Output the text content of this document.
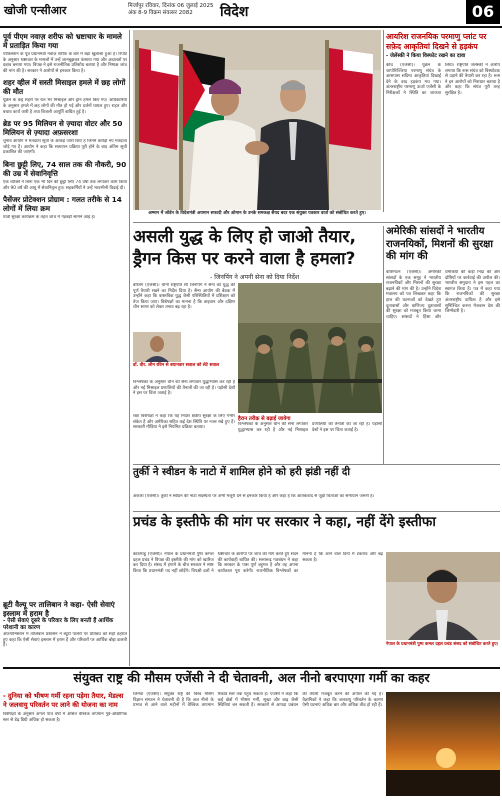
खोजी एन्सीआर	मिर्जापुर रविवार, दिनांक 06 जुलाई 2025
अंक 8-9 विक्रम संवत्सर 2082	विदेश	06
पूर्व पीएम नवाज़ शरीफ को भ्रष्टाचार के मामले में प्रताड़ित किया गया
पाकिस्तान के पूर्व प्रधानमंत्री नवाज़ शरीफ के बारे में बड़ा खुलासा हुआ है। रिपोर्ट के अनुसार भ्रष्टाचार के मामलों में उन्हें जानबूझकर फंसाया गया और अदालतों पर दबाव बनाया गया। विपक्ष ने इसे राजनीतिक प्रतिशोध बताया है और निष्पक्ष जांच की मांग की है। सरकार ने आरोपों से इनकार किया है।
शहर व्हील में सस्ती मिसाइल हमले में छह लोगों की मौत
यूक्रेन के कई शहरों पर रात भर मिसाइल और ड्रोन हमले किए गए। अधिकारियों के अनुसार हमले में छह लोगों की मौत हो गई और दर्जनों घायल हुए। राहत और बचाव कार्य जारी है तथा बिजली आपूर्ति बाधित हुई है।
ब्रेड पर 95 मिलियन से ज़्यादा वोटर और 50 मिलियन से ज़्यादा अफ़सरशा
चुनाव आयोग ने मतदाता सूची के आंकड़े जारी किए हैं जिनमें करोड़ों नए मतदाता जोड़े गए हैं। आयोग ने कहा कि सत्यापन प्रक्रिया पूरी होने के बाद अंतिम सूची प्रकाशित की जाएगी।
बिना छुट्टी लिए, 74 साल तक की नौकरी, 90 की उम्र में सेवानिवृत्ति
एक व्यक्ति ने बिना एक भी दिन की छुट्टी लिए 74 वर्षों तक लगातार काम किया और 90 वर्ष की आयु में सेवानिवृत्त हुए। सहकर्मियों ने उन्हें भावभीनी विदाई दी।
पैसेंजर प्रोटेक्शन प्रोग्राम : गलत तरीके से 14 लोगों में लिया क्रम
यात्री सुरक्षा कार्यक्रम के तहत जांच में गड़बड़ी सामने आई है।
अम्मान में जॉर्डन के विदेशमंत्री अयमान सफादी और ओमान के उनके समकक्ष सैयद बदर एक संयुक्त पत्रकार वार्ता को संबोधित करते हुए।
आयरिश राजनयिक परमाणु प्लांट पर सफ़ेद आकृतियां दिखने से हड़कंप
- जेलेंस्की ने किया विस्फोट रखने का दावा
कीव (एजेंसी)। यूक्रेन के जापोरिज्जिया परमाणु संयंत्र के आसपास संदिग्ध आकृतियां दिखाई देने के बाद हड़कंप मच गया। अंतरराष्ट्रीय परमाणु ऊर्जा एजेंसी के निरीक्षकों ने स्थिति का जायजा लिया। राष्ट्रपति जेलेंस्की ने आरोप लगाया कि रूस संयंत्र को विस्फोटक से उड़ाने की तैयारी कर रहा है। रूस ने इन आरोपों को निराधार बताया है और कहा कि संयंत्र पूरी तरह सुरक्षित है।
असली युद्ध के लिए हो जाओ तैयार, ड्रैगन किस पर करने वाला है हमला?
- जिनपिंग ने अपनी सेना को दिया निर्देश
बीजिंग (एजेंसी)। चीनी राष्ट्रपति शी जिनपिंग ने सेना को युद्ध की पूर्ण तैयारी रखने का निर्देश दिया है। सैन्य आयोग की बैठक में उन्होंने कहा कि वास्तविक युद्ध जैसी परिस्थितियों में प्रशिक्षण को तेज किया जाए। विशेषज्ञों का मानना है कि ताइवान और दक्षिण चीन सागर को लेकर तनाव बढ़ रहा है।
डॉ. वीर. लीन रविन से बयानवार सवाल को लेटे सवाल
विश्लेषकों के अनुसार चीन की सेना लगातार युद्धाभ्यास कर रही है और नई मिसाइल प्रणालियों की तैनाती की जा रही है। पड़ोसी देशों ने इस पर चिंता जताई है।
रक्षा विशेषज्ञों ने कहा कि यह निर्देश क्षेत्रीय सुरक्षा के लिए गंभीर संकेत है और अमेरिका सहित कई देश स्थिति पर नजर रखे हुए हैं। सरकारी मीडिया ने इसे नियमित प्रक्रिया बताया।
हैरान तरीक़ से बढ़ाई जायेगा
विश्लेषकों के अनुसार चीन की सेना लगातार युद्धाभ्यास कर रही है और नई मिसाइल प्रणालियों की तैनाती की जा रही है। पड़ोसी देशों ने इस पर चिंता जताई है।
अमेरिकी सांसदों ने भारतीय राजनयिकों, मिशनों की सुरक्षा की मांग की
वॉशिंगटन (एजेंसी)। अमेरिकी सांसदों के एक समूह ने भारतीय राजनयिकों और मिशनों की सुरक्षा बढ़ाने की मांग की है। उन्होंने विदेश मंत्रालय को पत्र लिखकर कहा कि हाल की घटनाओं को देखते हुए दूतावासों और वाणिज्य दूतावासों की सुरक्षा को मजबूत किया जाना चाहिए। सांसदों ने हिंसा और धमकियों की कड़ी निंदा की और दोषियों पर कार्रवाई की अपील की। भारतीय समुदाय ने इस पहल का स्वागत किया है। पत्र में कहा गया कि राजनयिकों की सुरक्षा अंतरराष्ट्रीय दायित्व है और इसे सुनिश्चित करना मेजबान देश की जिम्मेदारी है।
तुर्की ने स्वीडन के नाटो में शामिल होने को हरी झंडी नहीं दी
अंकारा (एजेंसी)। तुर्की ने स्वीडन की नाटो सदस्यता पर अभी मंजूरी देने से इनकार किया है और कहा है कि आतंकवाद से जुड़ी चिंताओं का समाधान जरूरी है।
प्रचंड के इस्तीफे की मांग पर सरकार ने कहा, नहीं देंगे इस्तीफा
काठमांडू (एजेंसी)। नेपाल के प्रधानमंत्री पुष्प कमल दहल प्रचंड ने विपक्ष की इस्तीफे की मांग को खारिज कर दिया है। संसद में हंगामे के बीच सरकार ने स्पष्ट किया कि प्रधानमंत्री पद नहीं छोड़ेंगे। विपक्षी दलों ने भ्रष्टाचार के आरोपों पर जांच की मांग करते हुए सदन की कार्यवाही बाधित की। सत्तारूढ़ गठबंधन ने कहा कि सरकार के पास पूर्ण बहुमत है और वह अपना कार्यकाल पूरा करेगी। राजनीतिक विश्लेषकों का मानना है कि आने वाले दिनों में टकराव और बढ़ सकता है।
नेपाल के प्रधानमंत्री पुष्प कमल दहल प्रचंड संसद को संबोधित करते हुए।
ब्रूटी वैल्यू पर तालिबान ने कहा- ऐसी सेवाएं इस्लाम में हराम है
- ऐसी सेवाएं दूसरे के परिवार के लिए बनती हैं आर्थिक परेशानी का कारण
अफगानिस्तान में तालिबान प्रशासन ने ब्यूटी पार्लरों पर प्रतिबंध को सही ठहराते हुए कहा कि ऐसी सेवाएं इस्लाम में हराम हैं और परिवारों पर आर्थिक बोझ डालती हैं।
संयुक्त राष्ट्र की मौसम एजेंसी ने दी चेतावनी, अल नीनो बरपाएगा गर्मी का कहर
- दुनिया को भीषण गर्मी रहना पड़ेगा तैयार, मेडल्स ने जलवायु परिवर्तन पर लाने की योजना का नाम
विशेषज्ञों के अनुसार अगले पांच वर्षों में औसत वैश्विक तापमान पूर्व-औद्योगिक स्तर से डेढ़ डिग्री अधिक हो सकता है।
जिनेवा (एजेंसी)। संयुक्त राष्ट्र की विश्व मौसम विज्ञान संगठन ने चेतावनी दी है कि अल नीनो के प्रभाव से आने वाले महीनों में वैश्विक तापमान रिकॉर्ड स्तर तक पहुंच सकता है। एजेंसी ने कहा कि कई क्षेत्रों में भीषण गर्मी, सूखा और बाढ़ जैसी स्थितियां बन सकती हैं। सरकारों से आपदा प्रबंधन की तैयारी मजबूत करने की अपील की गई है। वैज्ञानिकों ने कहा कि जलवायु परिवर्तन के कारण ऐसी घटनाएं अधिक बार और अधिक तीव्र हो रही हैं।
